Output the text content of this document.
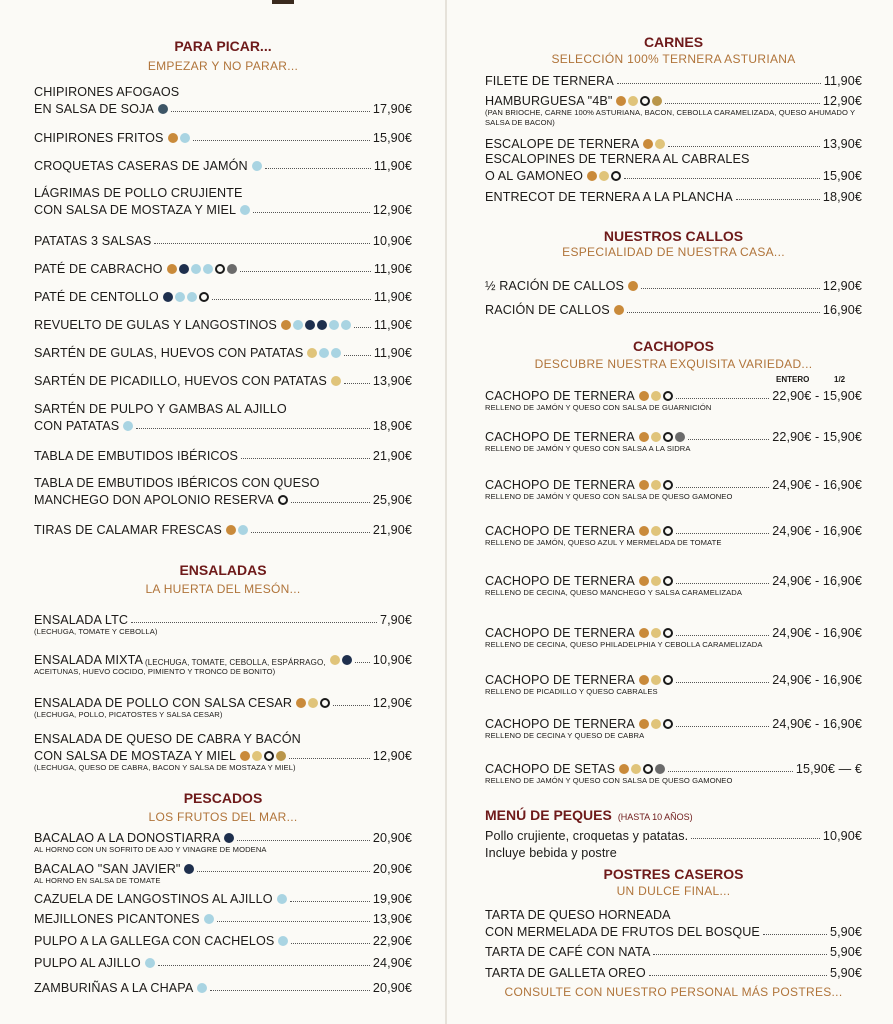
PARA PICAR...
EMPEZAR Y NO PARAR...
CHIPIRONES AFOGAOS
EN SALSA DE SOJA	17,90€
CHIPIRONES FRITOS	15,90€
CROQUETAS CASERAS DE JAMÓN	11,90€
LÁGRIMAS DE POLLO CRUJIENTE
CON SALSA DE MOSTAZA Y MIEL	12,90€
PATATAS 3 SALSAS	10,90€
PATÉ DE CABRACHO	11,90€
PATÉ DE CENTOLLO	11,90€
REVUELTO DE GULAS Y LANGOSTINOS	11,90€
SARTÉN DE GULAS, HUEVOS CON PATATAS	11,90€
SARTÉN DE PICADILLO, HUEVOS CON PATATAS	13,90€
SARTÉN DE PULPO Y GAMBAS AL AJILLO
CON PATATAS	18,90€
TABLA DE EMBUTIDOS IBÉRICOS	21,90€
TABLA DE EMBUTIDOS IBÉRICOS CON QUESO
MANCHEGO DON APOLONIO RESERVA	25,90€
TIRAS DE CALAMAR FRESCAS	21,90€
ENSALADAS
LA HUERTA DEL MESÓN...
ENSALADA LTC	7,90€
(LECHUGA, TOMATE Y CEBOLLA)
ENSALADA MIXTA (LECHUGA, TOMATE, CEBOLLA, ESPÁRRAGO,	10,90€
ACEITUNAS, HUEVO COCIDO, PIMIENTO Y TRONCO DE BONITO)
ENSALADA DE POLLO CON SALSA CESAR	12,90€
(LECHUGA, POLLO, PICATOSTES Y SALSA CESAR)
ENSALADA DE QUESO DE CABRA Y BACÓN
CON SALSA DE MOSTAZA Y MIEL	12,90€
(LECHUGA, QUESO DE CABRA, BACON Y SALSA DE MOSTAZA Y MIEL)
PESCADOS
LOS FRUTOS DEL MAR...
BACALAO A LA DONOSTIARRA	20,90€
AL HORNO CON UN SOFRITO DE AJO Y VINAGRE DE MODENA
BACALAO "SAN JAVIER"	20,90€
AL HORNO EN SALSA DE TOMATE
CAZUELA DE LANGOSTINOS AL AJILLO	19,90€
MEJILLONES PICANTONES	13,90€
PULPO A LA GALLEGA CON CACHELOS	22,90€
PULPO AL AJILLO	24,90€
ZAMBURIÑAS A LA CHAPA	20,90€
CARNES
SELECCIÓN 100% TERNERA ASTURIANA
FILETE DE TERNERA	11,90€
HAMBURGUESA "4B"	12,90€
(PAN BRIOCHE, CARNE 100% ASTURIANA, BACON, CEBOLLA CARAMELIZADA, QUESO AHUMADO Y SALSA DE BACON)
ESCALOPE DE TERNERA	13,90€
ESCALOPINES DE TERNERA AL CABRALES
O AL GAMONEO	15,90€
ENTRECOT DE TERNERA A LA PLANCHA	18,90€
NUESTROS CALLOS
ESPECIALIDAD DE NUESTRA CASA...
½ RACIÓN DE CALLOS	12,90€
RACIÓN DE CALLOS	16,90€
CACHOPOS
DESCUBRE NUESTRA EXQUISITA VARIEDAD...
ENTERO	1/2
CACHOPO DE TERNERA	22,90€ - 15,90€
RELLENO DE JAMÓN Y QUESO CON SALSA DE GUARNICIÓN
CACHOPO DE TERNERA	22,90€ - 15,90€
RELLENO DE JAMÓN Y QUESO CON SALSA A LA SIDRA
CACHOPO DE TERNERA	24,90€ - 16,90€
RELLENO DE JAMÓN Y QUESO CON SALSA DE QUESO GAMONEO
CACHOPO DE TERNERA	24,90€ - 16,90€
RELLENO DE JAMÓN, QUESO AZUL Y MERMELADA DE TOMATE
CACHOPO DE TERNERA	24,90€ - 16,90€
RELLENO DE CECINA, QUESO MANCHEGO Y SALSA CARAMELIZADA
CACHOPO DE TERNERA	24,90€ - 16,90€
RELLENO DE CECINA, QUESO PHILADELPHIA Y CEBOLLA CARAMELIZADA
CACHOPO DE TERNERA	24,90€ - 16,90€
RELLENO DE PICADILLO Y QUESO CABRALES
CACHOPO DE TERNERA	24,90€ - 16,90€
RELLENO DE CECINA Y QUESO DE CABRA
CACHOPO DE SETAS	15,90€ — €
RELLENO DE JAMÓN Y QUESO CON SALSA DE QUESO GAMONEO
MENÚ DE PEQUES (HASTA 10 AÑOS)
Pollo crujiente, croquetas y patatas.	10,90€
Incluye bebida y postre
POSTRES CASEROS
UN DULCE FINAL...
TARTA DE QUESO HORNEADA
CON MERMELADA DE FRUTOS DEL BOSQUE	5,90€
TARTA DE CAFÉ CON NATA	5,90€
TARTA DE GALLETA OREO	5,90€
CONSULTE CON NUESTRO PERSONAL MÁS POSTRES...
